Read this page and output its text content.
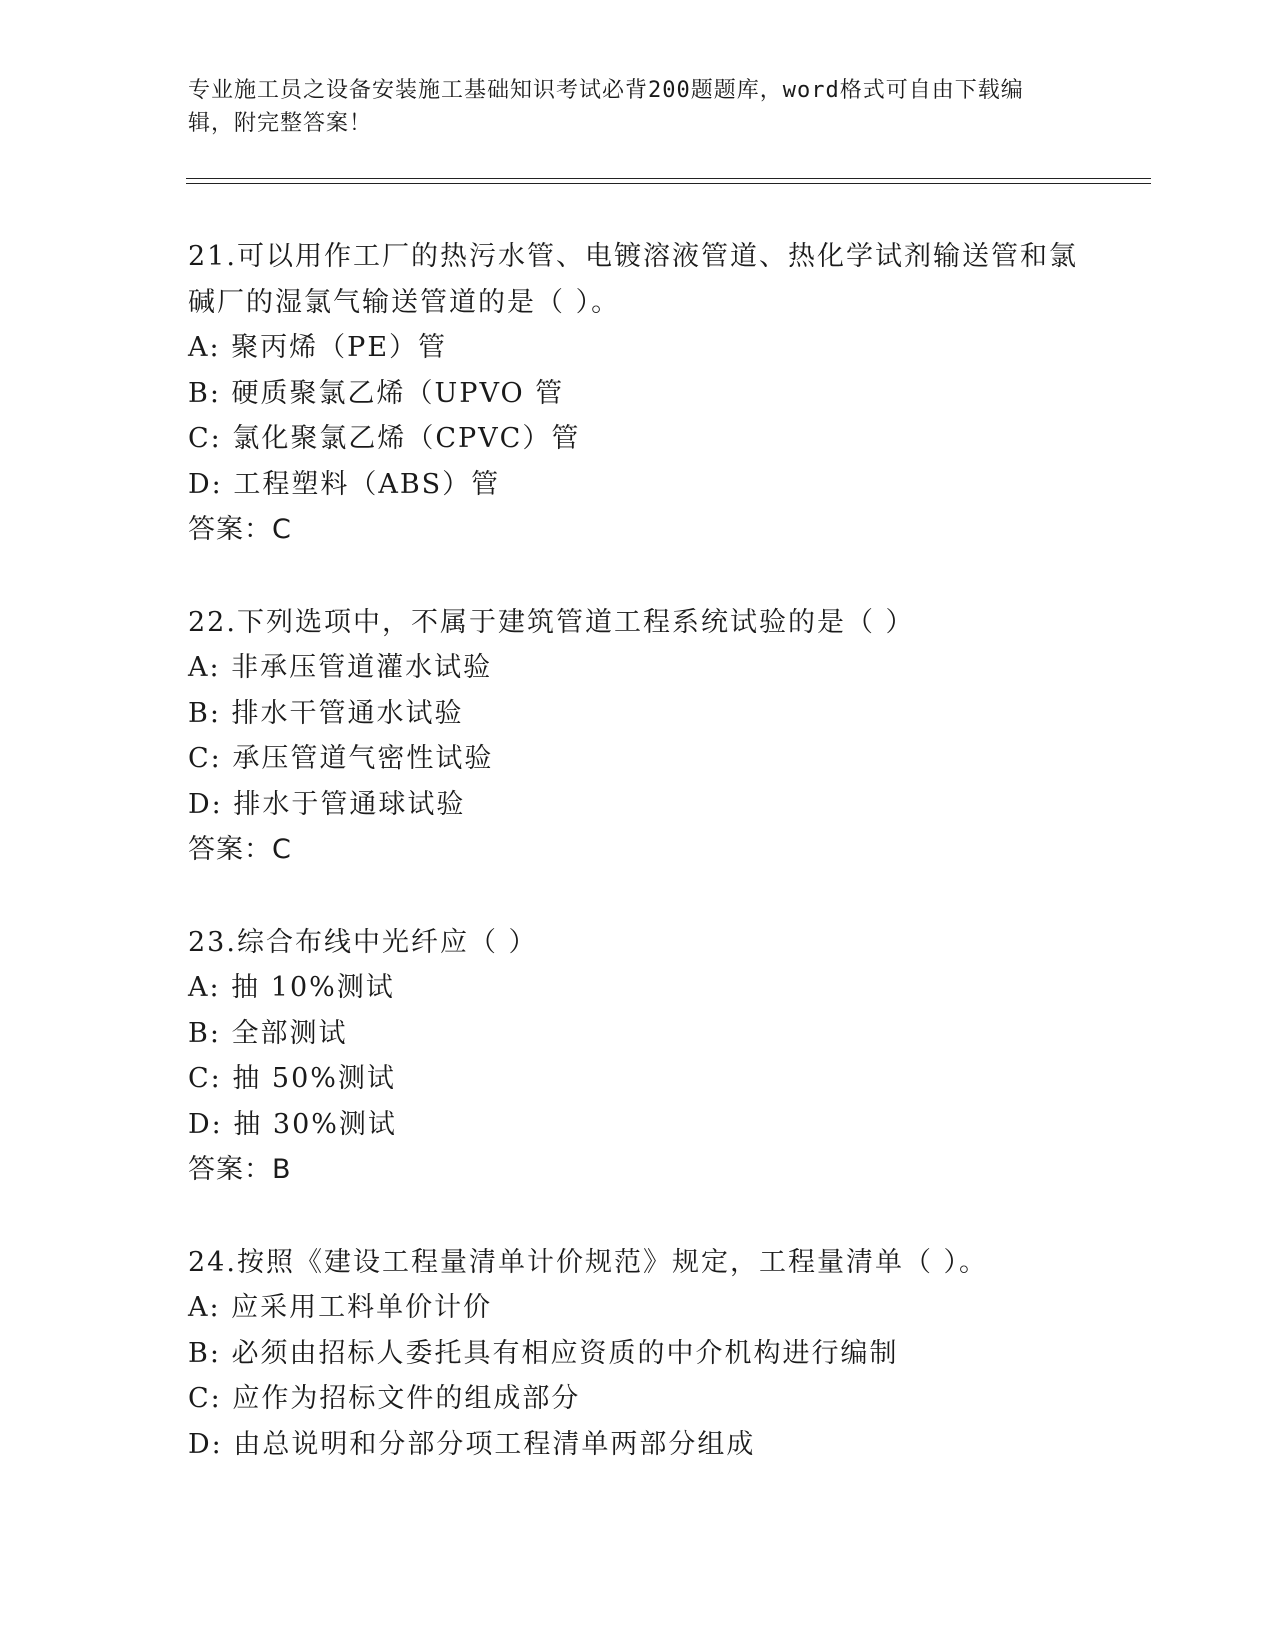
专业施工员之设备安装施工基础知识考试必背200题题库，word格式可自由下载编辑，附完整答案！
21.可以用作工厂的热污水管、电镀溶液管道、热化学试剂输送管和氯碱厂的湿氯气输送管道的是（ ）。
A: 聚丙烯（PE）管
B: 硬质聚氯乙烯（UPVO 管
C: 氯化聚氯乙烯（CPVC）管
D: 工程塑料（ABS）管
答案：C
22.下列选项中，不属于建筑管道工程系统试验的是（ ）
A: 非承压管道灌水试验
B: 排水干管通水试验
C: 承压管道气密性试验
D: 排水于管通球试验
答案：C
23.综合布线中光纤应（ ）
A: 抽 10%测试
B: 全部测试
C: 抽 50%测试
D: 抽 30%测试
答案：B
24.按照《建设工程量清单计价规范》规定，工程量清单（ ）。
A: 应采用工料单价计价
B: 必须由招标人委托具有相应资质的中介机构进行编制
C: 应作为招标文件的组成部分
D: 由总说明和分部分项工程清单两部分组成
